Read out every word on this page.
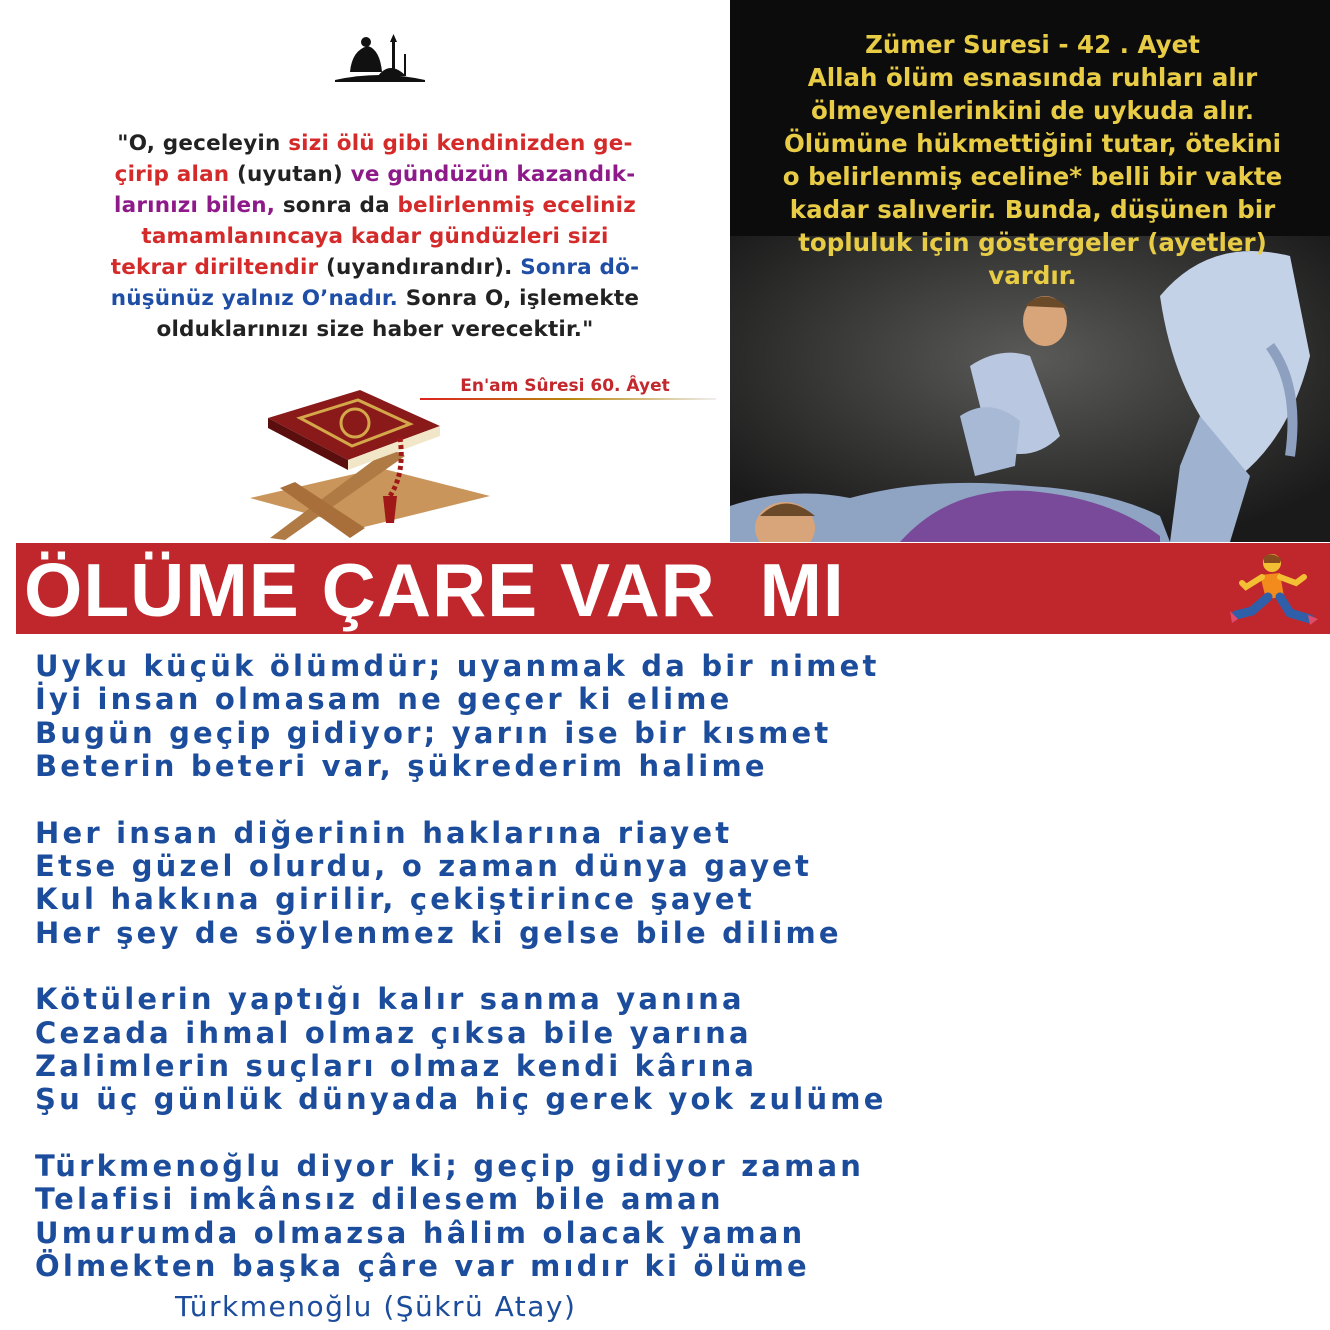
"O, geceleyin sizi ölü gibi kendinizden ge-
çirip alan (uyutan) ve gündüzün kazandık-
larınızı bilen, sonra da belirlenmiş eceliniz
tamamlanıncaya kadar gündüzleri sizi
tekrar diriltendir (uyandırandır). Sonra dö-
nüşünüz yalnız O’nadır. Sonra O, işlemekte
olduklarınızı size haber verecektir."
En'am Sûresi 60. Âyet
Zümer Suresi - 42 . Ayet
Allah ölüm esnasında ruhları alır
ölmeyenlerinkini de uykuda alır.
Ölümüne hükmettiğini tutar, ötekini
o belirlenmiş eceline* belli bir vakte
kadar salıverir. Bunda, düşünen bir
topluluk için göstergeler (ayetler)
vardır.
ÖLÜME ÇARE VAR  MI
Uyku küçük ölümdür; uyanmak da bir nimet
İyi insan olmasam ne geçer ki elime
Bugün geçip gidiyor; yarın ise bir kısmet
Beterin beteri var, şükrederim halime
Her insan diğerinin haklarına riayet
Etse güzel olurdu, o zaman dünya gayet
Kul hakkına girilir, çekiştirince şayet
Her şey de söylenmez ki gelse bile dilime
Kötülerin yaptığı kalır sanma yanına
Cezada ihmal olmaz çıksa bile yarına
Zalimlerin suçları olmaz kendi kârına
Şu üç günlük dünyada hiç gerek yok zulüme
Türkmenoğlu diyor ki; geçip gidiyor zaman
Telafisi imkânsız dilesem bile aman
Umurumda olmazsa hâlim olacak yaman
Ölmekten başka çâre var mıdır ki ölüme
Türkmenoğlu (Şükrü Atay)
